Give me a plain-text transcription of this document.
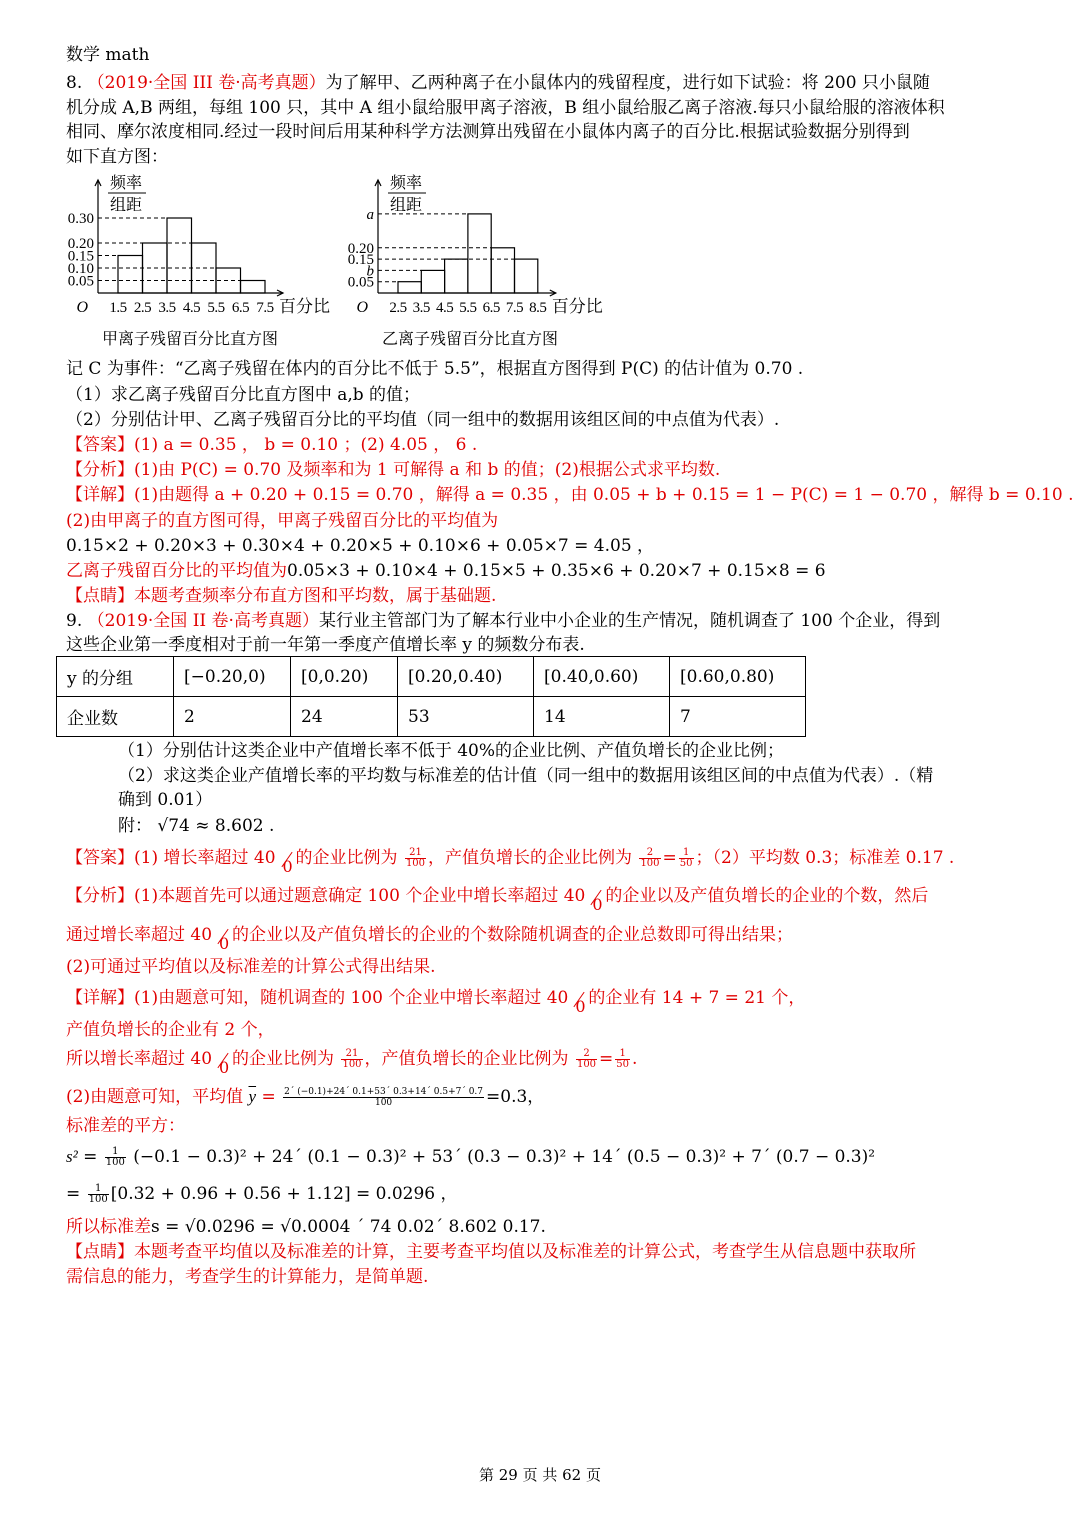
数学 math
8. （2019·全国 III 卷·高考真题）为了解甲、乙两种离子在小鼠体内的残留程度，进行如下试验：将 200 只小鼠随
机分成 A,B 两组，每组 100 只，其中 A 组小鼠给服甲离子溶液，B 组小鼠给服乙离子溶液.每只小鼠给服的溶液体积
相同、摩尔浓度相同.经过一段时间后用某种科学方法测算出残留在小鼠体内离子的百分比.根据试验数据分别得到
如下直方图：
频率
组距
0.30
0.20
0.15
0.10
0.05
O 1.5 2.5 3.5 4.5 5.5 6.5 7.5 百分比
甲离子残留百分比直方图
频率
组距
a
0.20
0.15
b
0.05
O 2.5 3.5 4.5 5.5 6.5 7.5 8.5 百分比
乙离子残留百分比直方图
记 C 为事件：“乙离子残留在体内的百分比不低于 5.5”，根据直方图得到 P(C) 的估计值为 0.70 .
（1）求乙离子残留百分比直方图中 a,b 的值；
（2）分别估计甲、乙离子残留百分比的平均值（同一组中的数据用该组区间的中点值为代表）.
【答案】(1) a = 0.35 ， b = 0.10 ；(2) 4.05 ， 6 .
【分析】(1)由 P(C) = 0.70 及频率和为 1 可解得 a 和 b 的值；(2)根据公式求平均数.
【详解】(1)由题得 a + 0.20 + 0.15 = 0.70 ，解得 a = 0.35 ，由 0.05 + b + 0.15 = 1 − P(C) = 1 − 0.70 ，解得 b = 0.10 .
(2)由甲离子的直方图可得，甲离子残留百分比的平均值为
0.15×2 + 0.20×3 + 0.30×4 + 0.20×5 + 0.10×6 + 0.05×7 = 4.05 ，
乙离子残留百分比的平均值为0.05×3 + 0.10×4 + 0.15×5 + 0.35×6 + 0.20×7 + 0.15×8 = 6
【点睛】本题考查频率分布直方图和平均数，属于基础题.
9. （2019·全国 II 卷·高考真题）某行业主管部门为了解本行业中小企业的生产情况，随机调查了 100 个企业，得到
这些企业第一季度相对于前一年第一季度产值增长率 y 的频数分布表.
y 的分组	[−0.20,0)	[0,0.20)	[0.20,0.40)	[0.40,0.60)	[0.60,0.80)
企业数	2	24	53	14	7
（1）分别估计这类企业中产值增长率不低于 40%的企业比例、产值负增长的企业比例；
（2）求这类企业产值增长率的平均数与标准差的估计值（同一组中的数据用该组区间的中点值为代表）.（精
确到 0.01）
附： √74 ≈ 8.602 .
【答案】(1) 增长率超过 40 0 的企业比例为 $\frac{21}{100}$ ，产值负增长的企业比例为 $\frac{2}{100} = \frac{1}{50}$ ；（2）平均数 0.3；标准差 0.17 .
【分析】(1)本题首先可以通过题意确定 100 个企业中增长率超过 40 0 的企业以及产值负增长的企业的个数，然后
通过增长率超过 40 0 的企业以及产值负增长的企业的个数除随机调查的企业总数即可得出结果；
(2)可通过平均值以及标准差的计算公式得出结果.
【详解】(1)由题意可知，随机调查的 100 个企业中增长率超过 40 0 的企业有 14 + 7 = 21 个，
产值负增长的企业有 2 个，
所以增长率超过 40 0 的企业比例为 $\frac{21}{100}$ ，产值负增长的企业比例为 $\frac{2}{100} = \frac{1}{50}$ .
(2)由题意可知，平均值 $\overline{y} = \frac{2´ (-0.1)+24´ 0.1+53´ 0.3+14´ 0.5+7´ 0.7}{100} =0.3$，
标准差的平方：
$s^2 = \frac{1}{100} (-0.1 - 0.3)^2$ + 24´ (0.1 − 0.3)² + 53´ (0.3 − 0.3)² + 14´ (0.5 − 0.3)² + 7´ (0.7 − 0.3)²
= $\frac{1}{100} [0.32 + 0.96 + 0.56 + 1.12] = 0.0296$ ，
所以标准差s = √0.0296 = √0.0004 ´ 74 0.02´ 8.602 0.17.
【点睛】本题考查平均值以及标准差的计算，主要考查平均值以及标准差的计算公式，考查学生从信息题中获取所
需信息的能力，考查学生的计算能力，是简单题.
第 29 页 共 62 页
